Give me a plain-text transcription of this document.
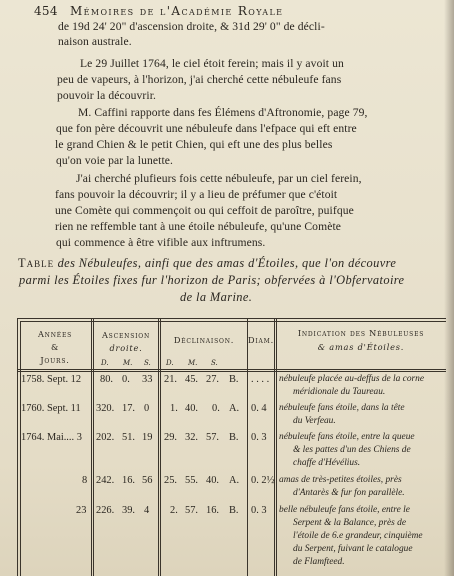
454 Mémoires de l'Académie Royale
de 19d 24' 20" d'ascension droite, & 31d 29' 0" de décli-
naison australe.
Le 29 Juillet 1764, le ciel étoit ferein; mais il y avoit un
peu de vapeurs, à l'horizon, j'ai cherché cette nébuleufe fans
pouvoir la découvrir.
M. Caffini rapporte dans fes Élémens d'Aftronomie, page 79,
que fon père découvrit une nébuleufe dans l'efpace qui eft entre
le grand Chien & le petit Chien, qui eft une des plus belles
qu'on voie par la lunette.
J'ai cherché plufieurs fois cette nébuleufe, par un ciel ferein,
fans pouvoir la découvrir; il y a lieu de préfumer que c'étoit
une Comète qui commençoit ou qui ceffoit de paroître, puifque
rien ne reffemble tant à une étoile nébuleufe, qu'une Comète
qui commence à être vifible aux inftrumens.
Table des Nébuleufes, ainfi que des amas d'Étoiles, que l'on découvre
parmi les Étoiles fixes fur l'horizon de Paris; obfervées à l'Obfervatoire
de la Marine.
Années
&
Jours.
Ascension
droite.
Déclinaison.	Diam.
Indication des Nébuleuses
& amas d'Étoiles.
D. M. S. D. M. S.
1758. Sept. 12 80. 0. 33 21. 45. 27. B. . . . . nébuleufe placée au-deffus de la corne
méridionale du Taureau.
1760. Sept. 11 320. 17. 0 1. 40. 0. A. 0. 4 nébuleufe fans étoile, dans la tête
du Verfeau.
1764. Mai.... 3 202. 51. 19 29. 32. 57. B. 0. 3 nébuleufe fans étoile, entre la queue
& les pattes d'un des Chiens de
chaffe d'Hévélius.
8 242. 16. 56 25. 55. 40. A. 0. 2½ amas de très-petites étoiles, près
d'Antarès & fur fon parallèle.
23 226. 39. 4 2. 57. 16. B. 0. 3 belle nébuleufe fans étoile, entre le
Serpent & la Balance, près de
l'étoile de 6.e grandeur, cinquième
du Serpent, fuivant le catalogue
de Flamfteed.
